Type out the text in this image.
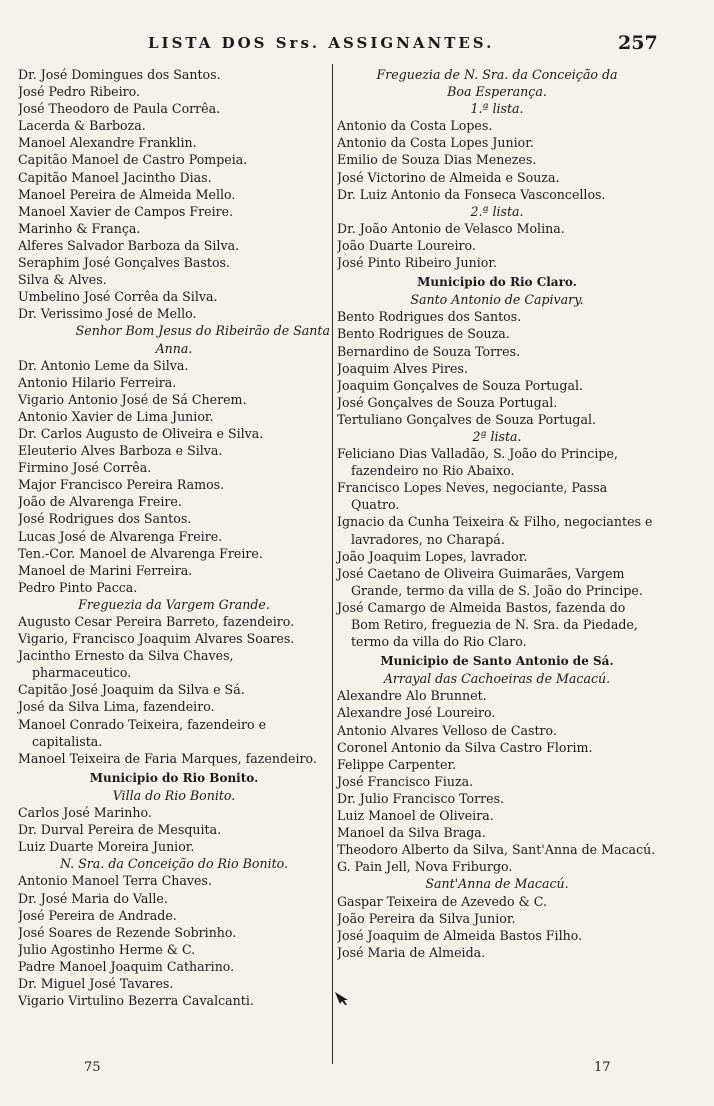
LISTA DOS Srs. ASSIGNANTES.	257
Dr. José Domingues dos Santos.
José Pedro Ribeiro.
José Theodoro de Paula Corrêa.
Lacerda & Barboza.
Manoel Alexandre Franklin.
Capitão Manoel de Castro Pompeia.
Capitão Manoel Jacintho Dias.
Manoel Pereira de Almeida Mello.
Manoel Xavier de Campos Freire.
Marinho & França.
Alferes Salvador Barboza da Silva.
Seraphim José Gonçalves Bastos.
Silva & Alves.
Umbelino José Corrêa da Silva.
Dr. Verissimo José de Mello.
Senhor Bom Jesus do Ribeirão de Santa
Anna.
Dr. Antonio Leme da Silva.
Antonio Hilario Ferreira.
Vigario Antonio José de Sá Cherem.
Antonio Xavier de Lima Junior.
Dr. Carlos Augusto de Oliveira e Silva.
Eleuterio Alves Barboza e Silva.
Firmino José Corrêa.
Major Francisco Pereira Ramos.
João de Alvarenga Freire.
José Rodrigues dos Santos.
Lucas José de Alvarenga Freire.
Ten.-Cor. Manoel de Alvarenga Freire.
Manoel de Marini Ferreira.
Pedro Pinto Pacca.
Freguezia da Vargem Grande.
Augusto Cesar Pereira Barreto, fazendeiro.
Vigario, Francisco Joaquim Alvares Soares.
Jacintho Ernesto da Silva Chaves, pharmaceutico.
Capitão José Joaquim da Silva e Sá.
José da Silva Lima, fazendeiro.
Manoel Conrado Teixeira, fazendeiro e capitalista.
Manoel Teixeira de Faria Marques, fazendeiro.
Municipio do Rio Bonito.
Villa do Rio Bonito.
Carlos José Marinho.
Dr. Durval Pereira de Mesquita.
Luiz Duarte Moreira Junior.
N. Sra. da Conceição do Rio Bonito.
Antonio Manoel Terra Chaves.
Dr. José Maria do Valle.
José Pereira de Andrade.
José Soares de Rezende Sobrinho.
Julio Agostinho Herme & C.
Padre Manoel Joaquim Catharino.
Dr. Miguel José Tavares.
Vigario Virtulino Bezerra Cavalcanti.
Freguezia de N. Sra. da Conceição da
Boa Esperança.
1.ª lista.
Antonio da Costa Lopes.
Antonio da Costa Lopes Junior.
Emilio de Souza Dias Menezes.
José Victorino de Almeida e Souza.
Dr. Luiz Antonio da Fonseca Vasconcellos.
2.ª lista.
Dr. João Antonio de Velasco Molina.
João Duarte Loureiro.
José Pinto Ribeiro Junior.
Municipio do Rio Claro.
Santo Antonio de Capivary.
Bento Rodrigues dos Santos.
Bento Rodrigues de Souza.
Bernardino de Souza Torres.
Joaquim Alves Pires.
Joaquim Gonçalves de Souza Portugal.
José Gonçalves de Souza Portugal.
Tertuliano Gonçalves de Souza Portugal.
2ª lista.
Feliciano Dias Valladão, S. João do Principe, fazendeiro no Rio Abaixo.
Francisco Lopes Neves, negociante, Passa Quatro.
Ignacio da Cunha Teixeira & Filho, negociantes e lavradores, no Charapá.
João Joaquim Lopes, lavrador.
José Caetano de Oliveira Guimarães, Vargem Grande, termo da villa de S. João do Principe.
José Camargo de Almeida Bastos, fazenda do Bom Retiro, freguezia de N. Sra. da Piedade, termo da villa do Rio Claro.
Municipio de Santo Antonio de Sá.
Arrayal das Cachoeiras de Macacú.
Alexandre Alo Brunnet.
Alexandre José Loureiro.
Antonio Alvares Velloso de Castro.
Coronel Antonio da Silva Castro Florim.
Felippe Carpenter.
José Francisco Fiuza.
Dr. Julio Francisco Torres.
Luiz Manoel de Oliveira.
Manoel da Silva Braga.
Theodoro Alberto da Silva, Sant'Anna de Macacú.
G. Pain Jell, Nova Friburgo.
Sant'Anna de Macacú.
Gaspar Teixeira de Azevedo & C.
João Pereira da Silva Junior.
José Joaquim de Almeida Bastos Filho.
José Maria de Almeida.
75	17
